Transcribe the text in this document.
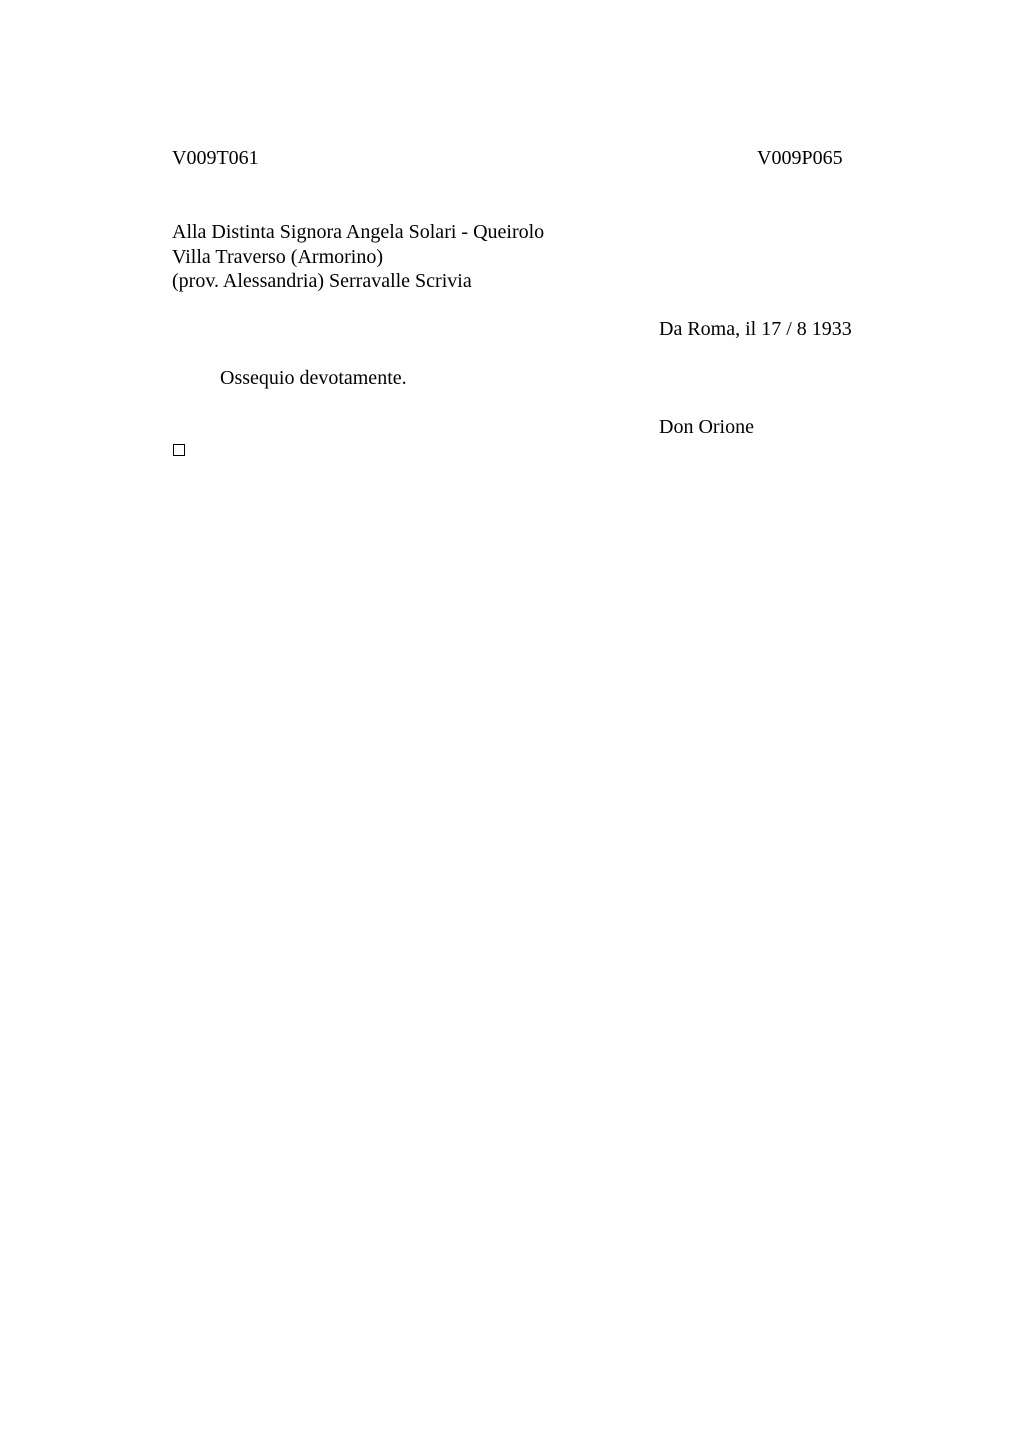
V009T061	V009P065
Alla Distinta Signora Angela Solari - Queirolo
Villa Traverso (Armorino)
(prov. Alessandria) Serravalle Scrivia
Da Roma, il 17 / 8 1933
Ossequio devotamente.
Don Orione
